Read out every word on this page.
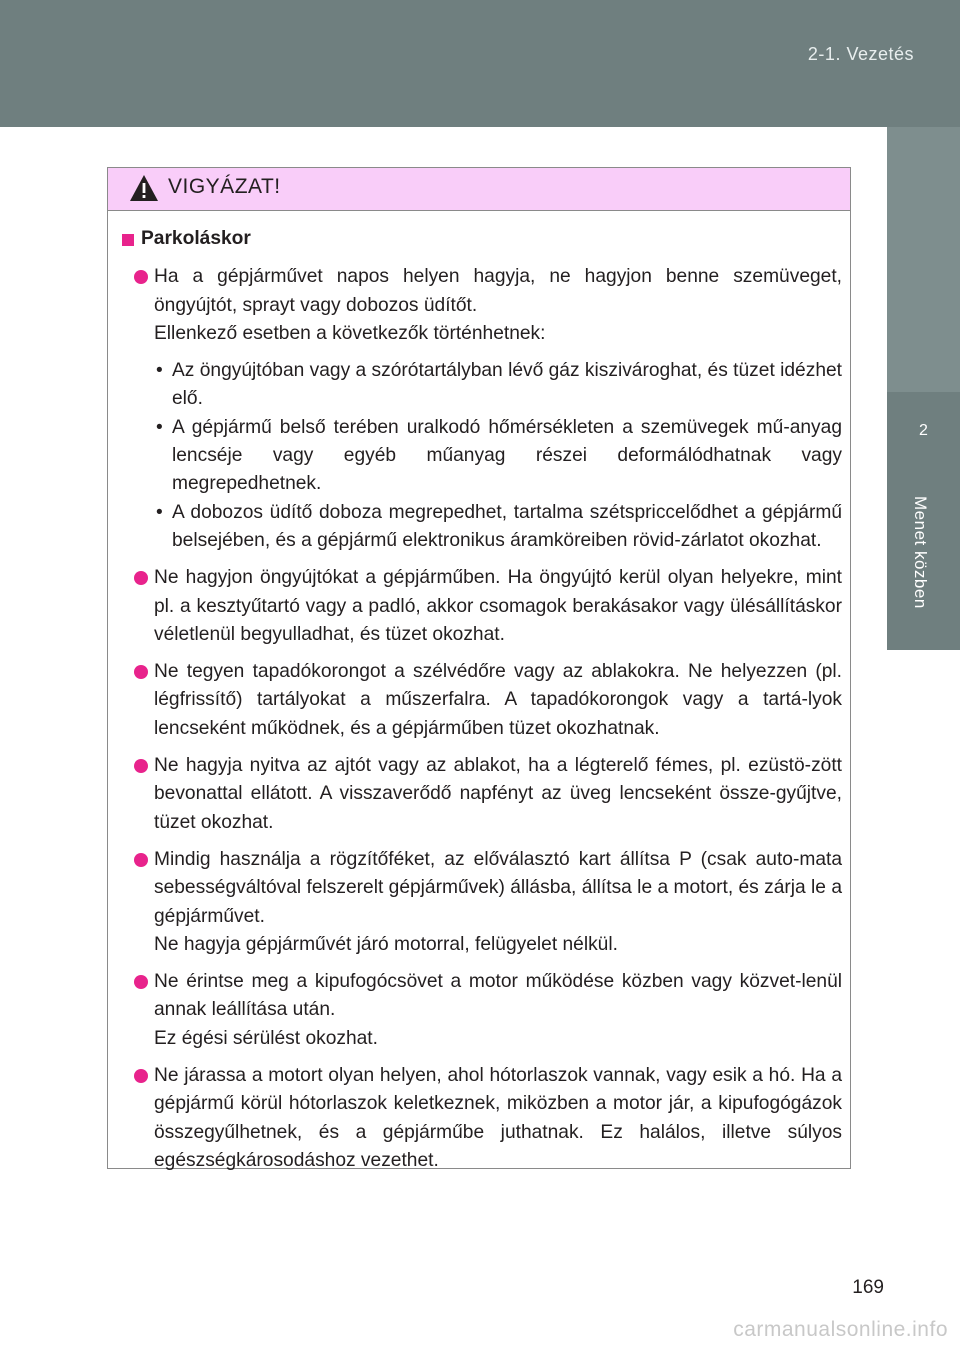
2-1. Vezetés
2
Menet közben
VIGYÁZAT!
Parkoláskor
Ha a gépjárművet napos helyen hagyja, ne hagyjon benne szemüveget, öngyújtót, sprayt vagy dobozos üdítőt.
Ellenkező esetben a következők történhetnek:
• Az öngyújtóban vagy a szórótartályban lévő gáz kiszivároghat, és tüzet idézhet elő.
• A gépjármű belső terében uralkodó hőmérsékleten a szemüvegek mű-anyag lencséje vagy egyéb műanyag részei deformálódhatnak vagy megrepedhetnek.
• A dobozos üdítő doboza megrepedhet, tartalma szétspriccelődhet a gépjármű belsejében, és a gépjármű elektronikus áramköreiben rövid-zárlatot okozhat.
Ne hagyjon öngyújtókat a gépjárműben. Ha öngyújtó kerül olyan helyekre, mint pl. a kesztyűtartó vagy a padló, akkor csomagok berakásakor vagy ülésállításkor véletlenül begyulladhat, és tüzet okozhat.
Ne tegyen tapadókorongot a szélvédőre vagy az ablakokra. Ne helyezzen (pl. légfrissítő) tartályokat a műszerfalra. A tapadókorongok vagy a tartá-lyok lencseként működnek, és a gépjárműben tüzet okozhatnak.
Ne hagyja nyitva az ajtót vagy az ablakot, ha a légterelő fémes, pl. ezüstö-zött bevonattal ellátott. A visszaverődő napfényt az üveg lencseként össze-gyűjtve, tüzet okozhat.
Mindig használja a rögzítőféket, az előválasztó kart állítsa P (csak auto-mata sebességváltóval felszerelt gépjárművek) állásba, állítsa le a motort, és zárja le a gépjárművet.
Ne hagyja gépjárművét járó motorral, felügyelet nélkül.
Ne érintse meg a kipufogócsövet a motor működése közben vagy közvet-lenül annak leállítása után.
Ez égési sérülést okozhat.
Ne járassa a motort olyan helyen, ahol hótorlaszok vannak, vagy esik a hó. Ha a gépjármű körül hótorlaszok keletkeznek, miközben a motor jár, a kipufogógázok összegyűlhetnek, és a gépjárműbe juthatnak. Ez halálos, illetve súlyos egészségkárosodáshoz vezethet.
169
carmanualsonline.info
